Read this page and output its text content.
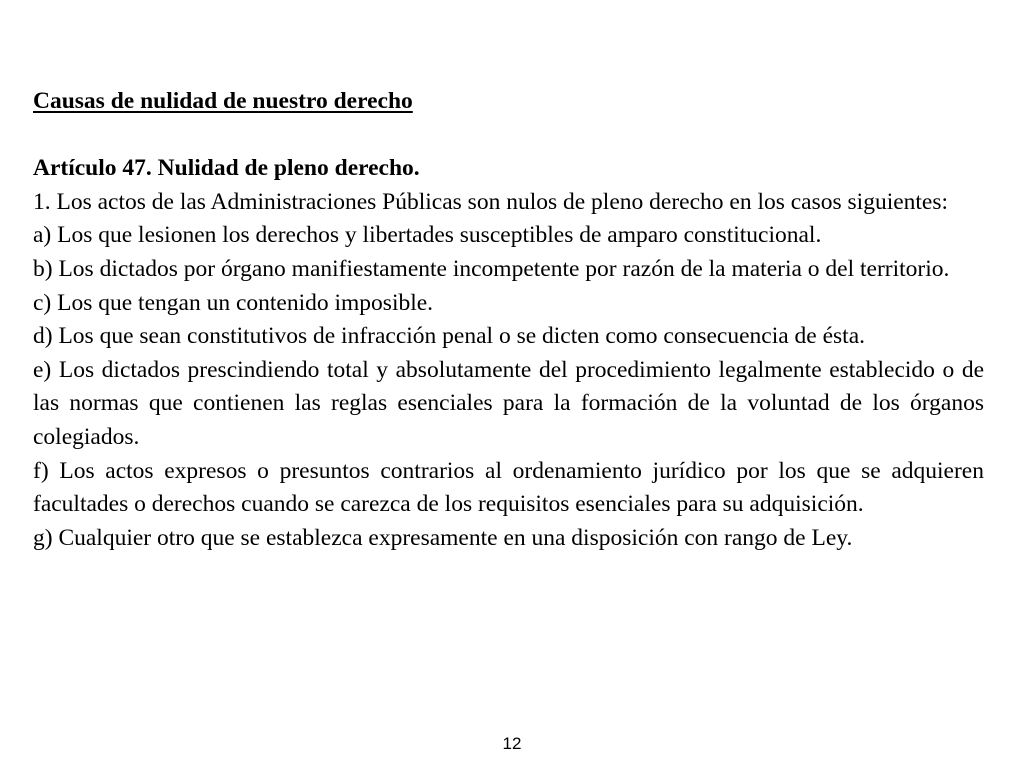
Causas de nulidad de nuestro derecho

Artículo 47. Nulidad de pleno derecho.

1. Los actos de las Administraciones Públicas son nulos de pleno derecho en los casos siguientes:

a) Los que lesionen los derechos y libertades susceptibles de amparo constitucional.

b) Los dictados por órgano manifiestamente incompetente por razón de la materia o del territorio.

c) Los que tengan un contenido imposible.

d) Los que sean constitutivos de infracción penal o se dicten como consecuencia de ésta.

e) Los dictados prescindiendo total y absolutamente del procedimiento legalmente establecido o de las normas que contienen las reglas esenciales para la formación de la voluntad de los órganos colegiados.

f) Los actos expresos o presuntos contrarios al ordenamiento jurídico por los que se adquieren facultades o derechos cuando se carezca de los requisitos esenciales para su adquisición.

g) Cualquier otro que se establezca expresamente en una disposición con rango de Ley.

12
